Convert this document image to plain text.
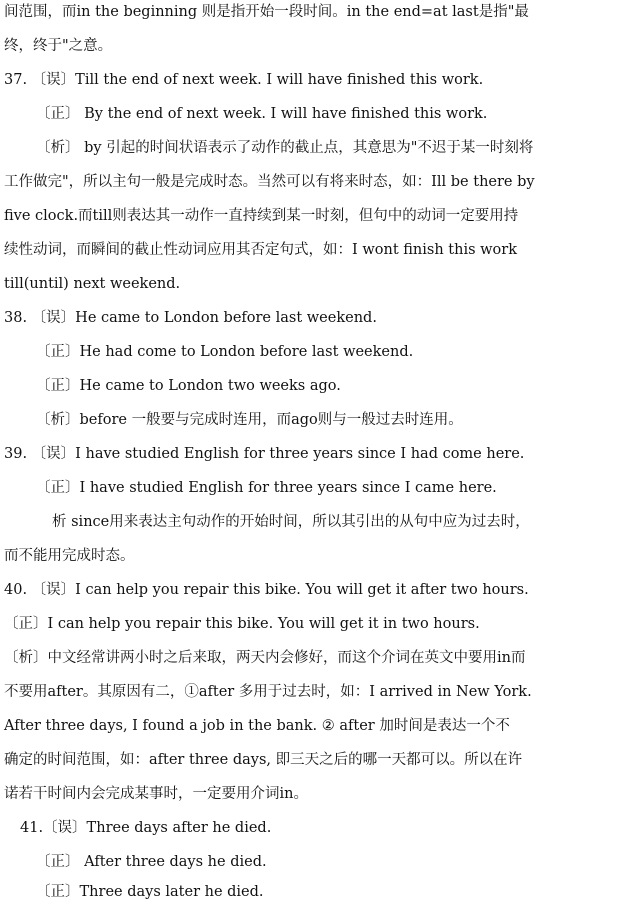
间范围，而in the beginning 则是指开始一段时间。in the end=at last是指"最
终，终于"之意。
37. 〔误〕Till the end of next week. I will have finished this work.
〔正〕 By the end of next week. I will have finished this work.
〔析〕 by 引起的时间状语表示了动作的截止点，其意思为"不迟于某一时刻将
工作做完"，所以主句一般是完成时态。当然可以有将来时态，如：Ill be there by
five clock.而till则表达其一动作一直持续到某一时刻，但句中的动词一定要用持
续性动词，而瞬间的截止性动词应用其否定句式，如：I wont finish this work
till(until) next weekend.
38. 〔误〕He came to London before last weekend.
〔正〕He had come to London before last weekend.
〔正〕He came to London two weeks ago.
〔析〕before 一般要与完成时连用，而ago则与一般过去时连用。
39. 〔误〕I have studied English for three years since I had come here.
〔正〕I have studied English for three years since I came here.
析 since用来表达主句动作的开始时间，所以其引出的从句中应为过去时，
而不能用完成时态。
40. 〔误〕I can help you repair this bike. You will get it after two hours.
〔正〕I can help you repair this bike. You will get it in two hours.
〔析〕中文经常讲两小时之后来取，两天内会修好，而这个介词在英文中要用in而
不要用after。其原因有二，①after 多用于过去时，如：I arrived in New York.
After three days, I found a job in the bank. ② after 加时间是表达一个不
确定的时间范围，如：after three days, 即三天之后的哪一天都可以。所以在许
诺若干时间内会完成某事时，一定要用介词in。
41.〔误〕Three days after he died.
〔正〕 After three days he died.
〔正〕Three days later he died.
